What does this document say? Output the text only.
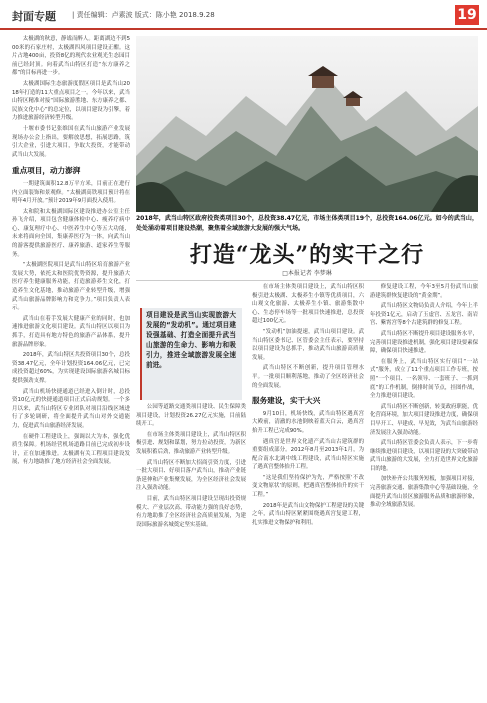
封面专题 | 责任编辑：卢素波 版式：陈小艳 2018.9.28	19

太极湖的秋意，静谧而醉人。距离湖边不到500米的石家庄村，太极湖四风项目建设正酣。这片占地400亩，投资8亿的现代农业观光生态园目前已经封顶。向着武当山特区打造“东方康养之都”的目标再进一步。

太极湖国际生态旅游度假区项目是武当山2018年打造的11大重点项目之一。今年以来，武当山特区精准对接“国际旅游胜地、东方康养之都、民族文化中心”的总定位，以项目建设为引擎，着力推进旅游经济转型升级。

十堰市委书记张维国在武当山旅游产业发展现场办公会上指出，要解放思想，拓展思路，筑引大企业，引进大项目，争取大投资，才能带动武当山大发展。

重点项目，动力澎湃

一期建筑面积12.8万平方米，目前正在进行内立面装饰和景观修。“太极湖高铁项目预计将在明年4月开放。”预计2019年9月面投入使用。

太和院和太极湖国际区建设推进办公室主任孙飞介绍，项目包含健康体检中心、瘦养疗病中心、康复理疗中心、中医养生中心等五大功能，未来将面向全国，集康养医疗为一体，向武当山的游客提供旅游医疗、康养旅游、道家养生等服务。

“太极湖医院项目是武当山特区培育旅游产业发展大势，依托太和医院优势资源，提升旅游大医疗养生健康服务功能，打造旅游养生文化，打造养生文化基地，推动旅游产业转型升级，增强武当山旅游品牌影响力和竞争力。”项目负责人表示。

武当山在着手发展大健康产业的同时，也加速推进旅游文化项目建设。武当山特区以项目为抓手，打造具有地方特色的旅游产品体系，提升旅游品牌形象。

2018年，武当山特区共投资项目30个，总投资38.47亿元，全年计划投资164.06亿元，已完成投资超过60%，为实现建设国际旅游名城目标提供强劲支撑。

武当山机场快捷通道已经进入倒计时，总投资10亿元的快捷通道项目正式启动规划。一个多月以来，武当山特区专业团队对项目沿线区域进行了多轮调研，将全面提升武当山对外交通能力，促进武当山旅游经济发展。

在硬件工程建设上，强调以大为本，强化优质生保障。机场经营机场道路目前已完成初步设计，正在加速推进。太极湖有关工程项目建设发展，有力地助推了地方经济社会全面发展。

2018年，武当山特区政府投资类项目30个，总投资38.47亿元，市场主体类项目19个，总投资164.06亿元。如今的武当山，处处涌动着项目建设热潮，聚焦着全域旅游大发展的强大气场。
打造“龙头”的实干之行
□本报记者 李梦琳
项目建设是武当山实现旅游大发展的“发动机”。通过项目建设强基础、打造全面提升武当山旅游的生命力、影响力和吸引力，推进全域旅游发展全速前进。

公园等道路交通类项目建设、民生保障类项目建设，计划投资26.27亿元实施，目前陆续开工。

在市场主体类项目建设上，武当山特区积极引进、规划和谋划，努力拉动投资，为新区发展积蓄后劲，推动旅游产业转型升级。

武当山特区不断加大招商引资力度，引进一批大项目、好项目落户武当山，推动产业链条延伸和产业集聚发展，为全区经济社会发展注入强劲动能。

目前，武当山特区项目建设呈现出投资规模大、产业层次高、带动能力强的良好态势，有力地助推了全区经济社会高质量发展，为建设国际旅游名城奠定坚实基础。

在市场主体类项目建设上，武当山特区积极引进太极湖、太极养生小镇等优质项目，六山观文化旅游、太极养生小镇、旅游集散中心、生态停车场等一批项目快速推进，总投资超过100亿元。

“发动机”加油提速，武当山项目建设。武当山特区委书记、区管委会主任表示，要坚持以项目建设为总抓手，推动武当山旅游高质量发展。

武当山特区不断创新，提升项目管理水平。一批项目顺利落地，推动了全区经济社会的全面发展。

服务建设，实干大兴

9月10日，机场快线，武当山特区遇真宫大殿前，清澈的水池倒映着蓝天白云，遇真宫抬升工程已完成90%。

遇真宫是世界文化遗产武当山古建筑群的重要组成部分。2012年8月至2013年1月，为配合南水北调中线工程建设，武当山特区实施了遇真宫整体抬升工程。

“这是我们坚持保护为先，严格按照‘不改变文物原状’的原则，把遇真宫整体抬升的实干工程。”

2018年是武当山文物保护工程建设的关键之年，武当山特区紧紧围绕遇真宫复建工程，扎实推进文物保护和利用。

修复建设工程，今年3至5月份武当山旅游建筑群恢复建设的“黄金期”。

武当山特区文物局负责人介绍，今年上半年投资1亿元，启动了玉虚宫、五龙宫、南岩宫、紫霄宫等8个古建筑群的修复工程。

武当山特区不断提升项目建设服务水平，完善项目建设推进机制，强化项目建设要素保障，确保项目快速推进。

在服务上，武当山特区实行项目“一站式”服务，成立了11个重点项目工作专班，按照“一个项目、一名领导、一套班子、一抓到底”的工作机制，倒排时间节点，挂图作战，全力推进项目建设。

武当山特区不断创新，转变政府职能，优化营商环境，加大项目建设推进力度，确保项目早开工、早建成、早见效，为武当山旅游经济发展注入强劲动能。

武当山特区管委会负责人表示，下一步将继续推进项目建设，以项目建设的大突破带动武当山旅游的大发展，全力打造世界文化旅游目的地。

加快补齐公共服务短板，加强项目对接，完善旅游交通、旅游集散中心等基础设施，全面提升武当山景区旅游服务品质和旅游形象，推动全域旅游发展。
